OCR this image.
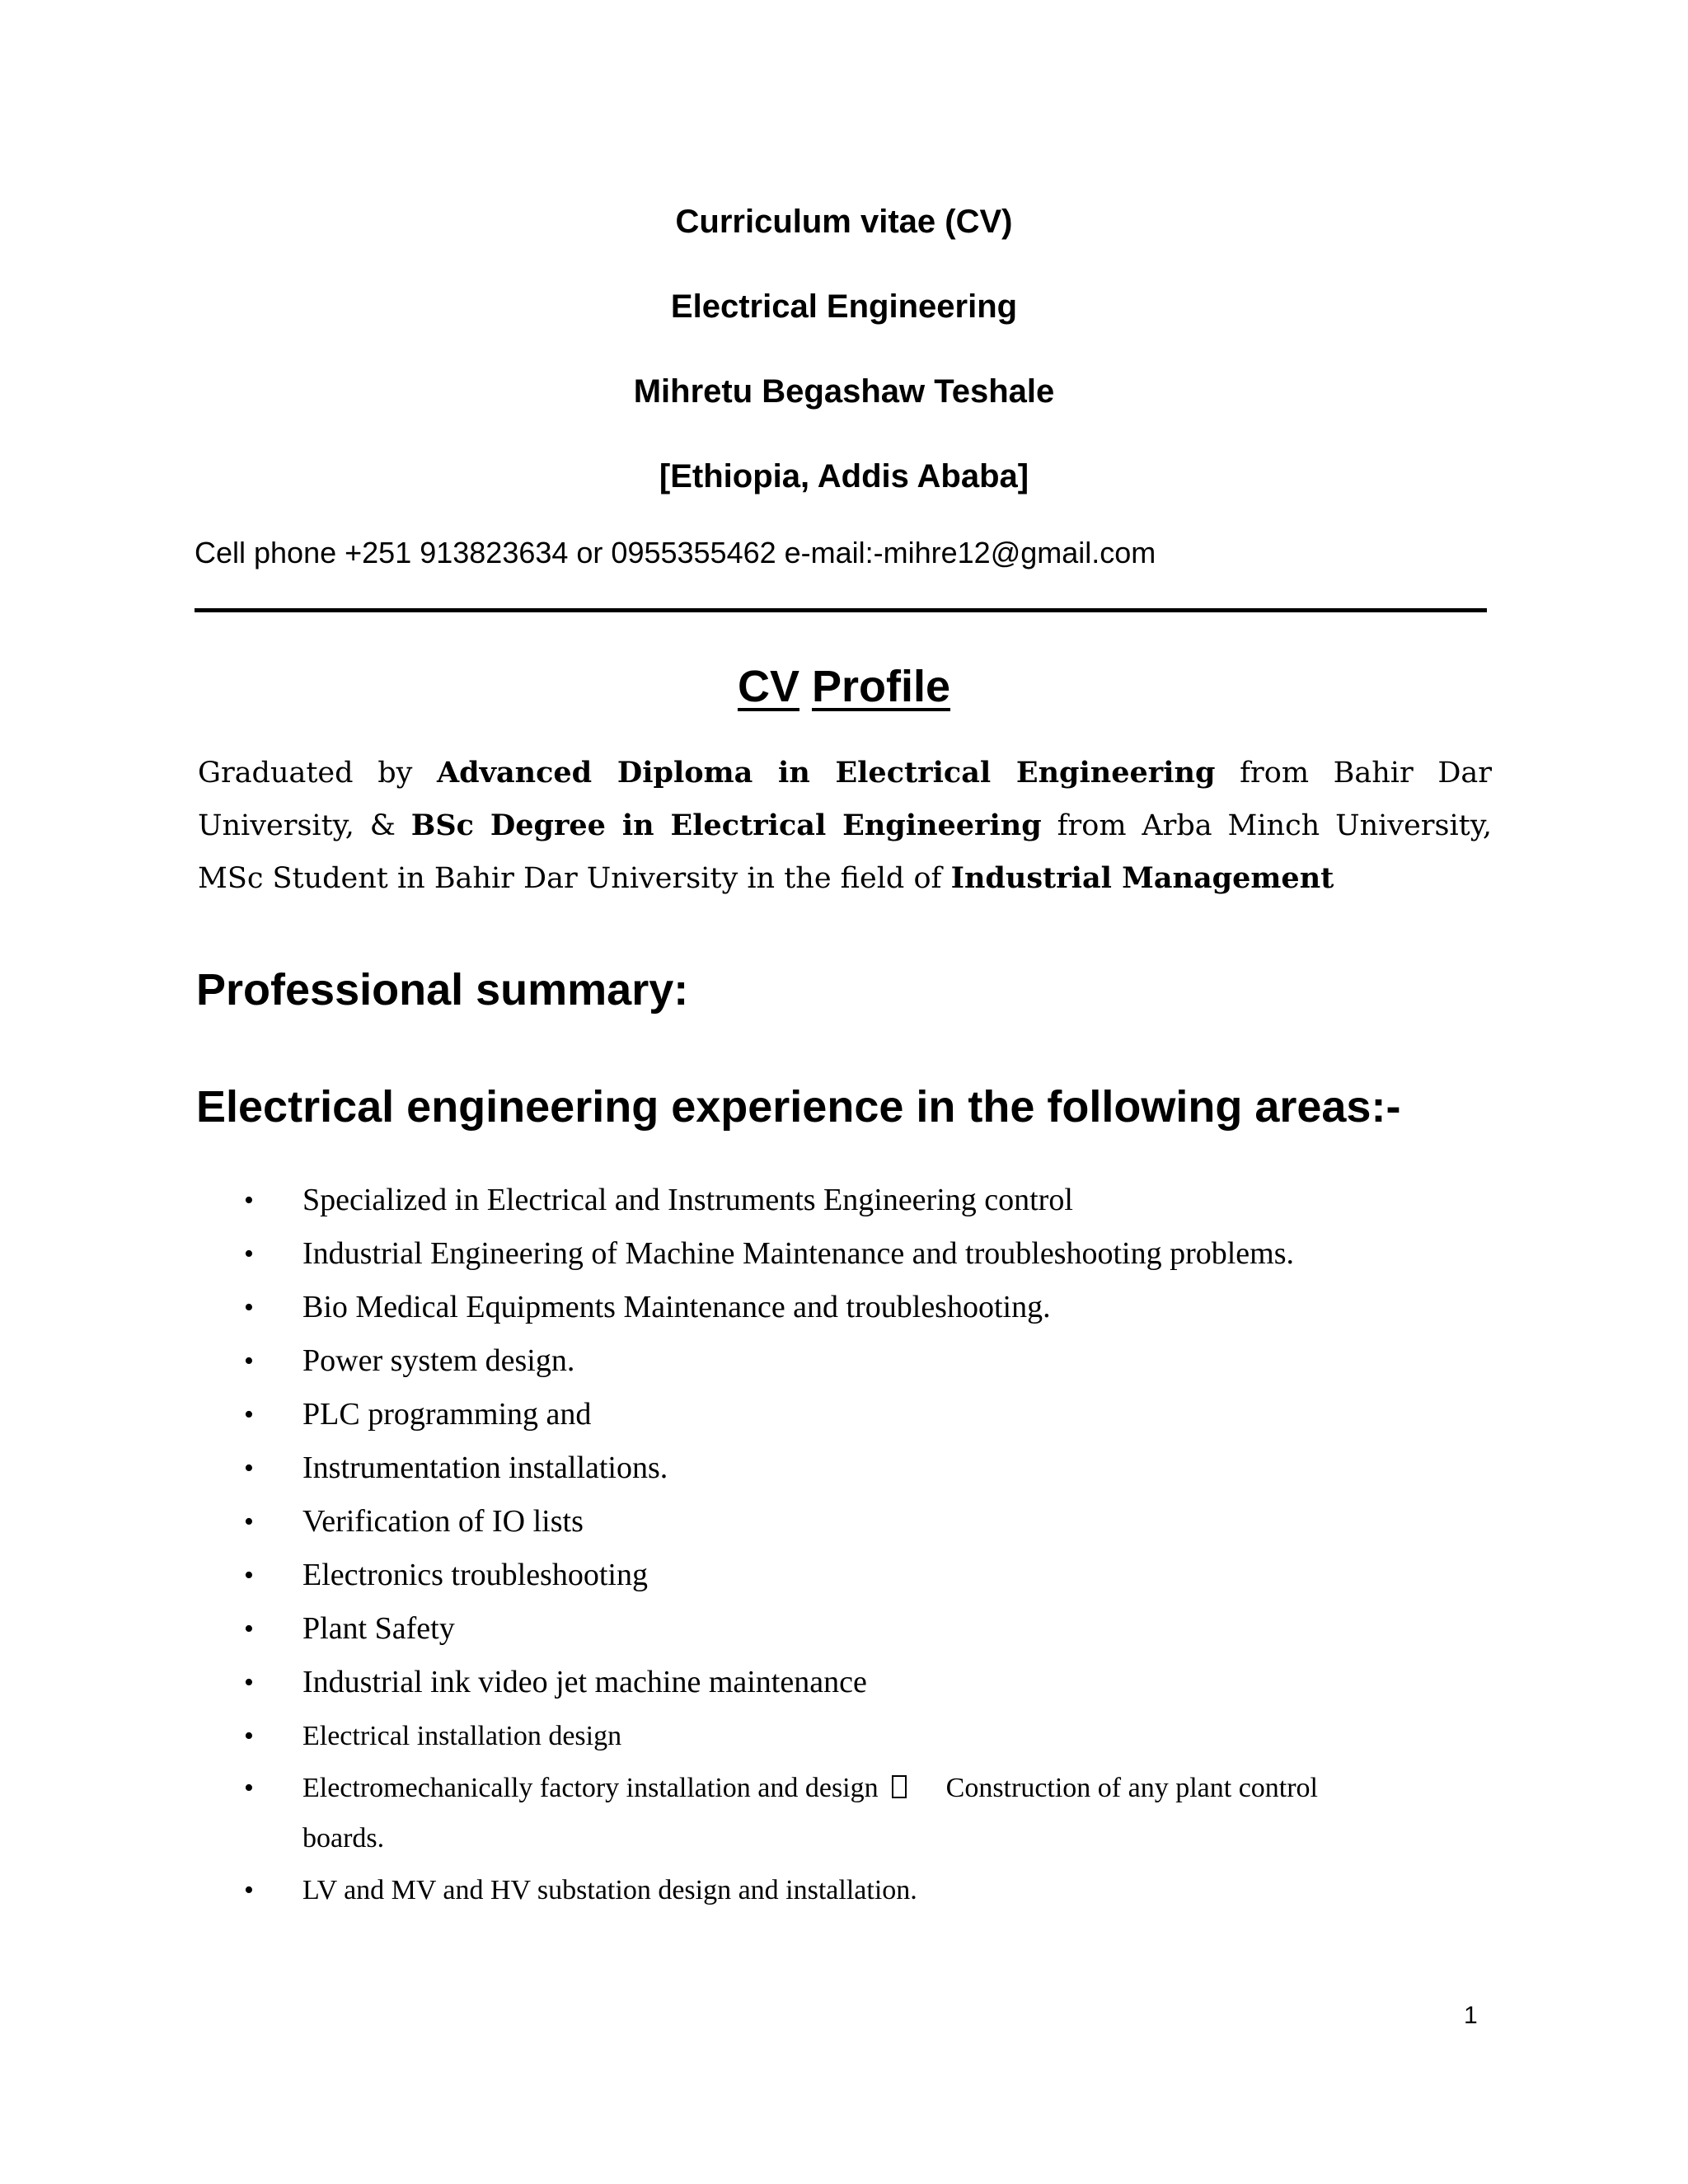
Curriculum vitae (CV)
Electrical Engineering
Mihretu Begashaw Teshale
[Ethiopia, Addis Ababa]
Cell phone +251 913823634 or 0955355462 e-mail:-mihre12@gmail.com
CV Profile
Graduated by Advanced Diploma in Electrical Engineering from Bahir Dar University, & BSc Degree in Electrical Engineering from Arba Minch University, MSc Student in Bahir Dar University in the field of Industrial Management
Professional summary:
Electrical engineering experience in the following areas:-
• Specialized in Electrical and Instruments Engineering control
• Industrial Engineering of Machine Maintenance and troubleshooting problems.
• Bio Medical Equipments Maintenance and troubleshooting.
• Power system design.
• PLC programming and
• Instrumentation installations.
• Verification of IO lists
• Electronics troubleshooting
• Plant Safety
• Industrial ink video jet machine maintenance
• Electrical installation design
• Electromechanically factory installation and design Construction of any plant control boards.
• LV and MV and HV substation design and installation.
1
